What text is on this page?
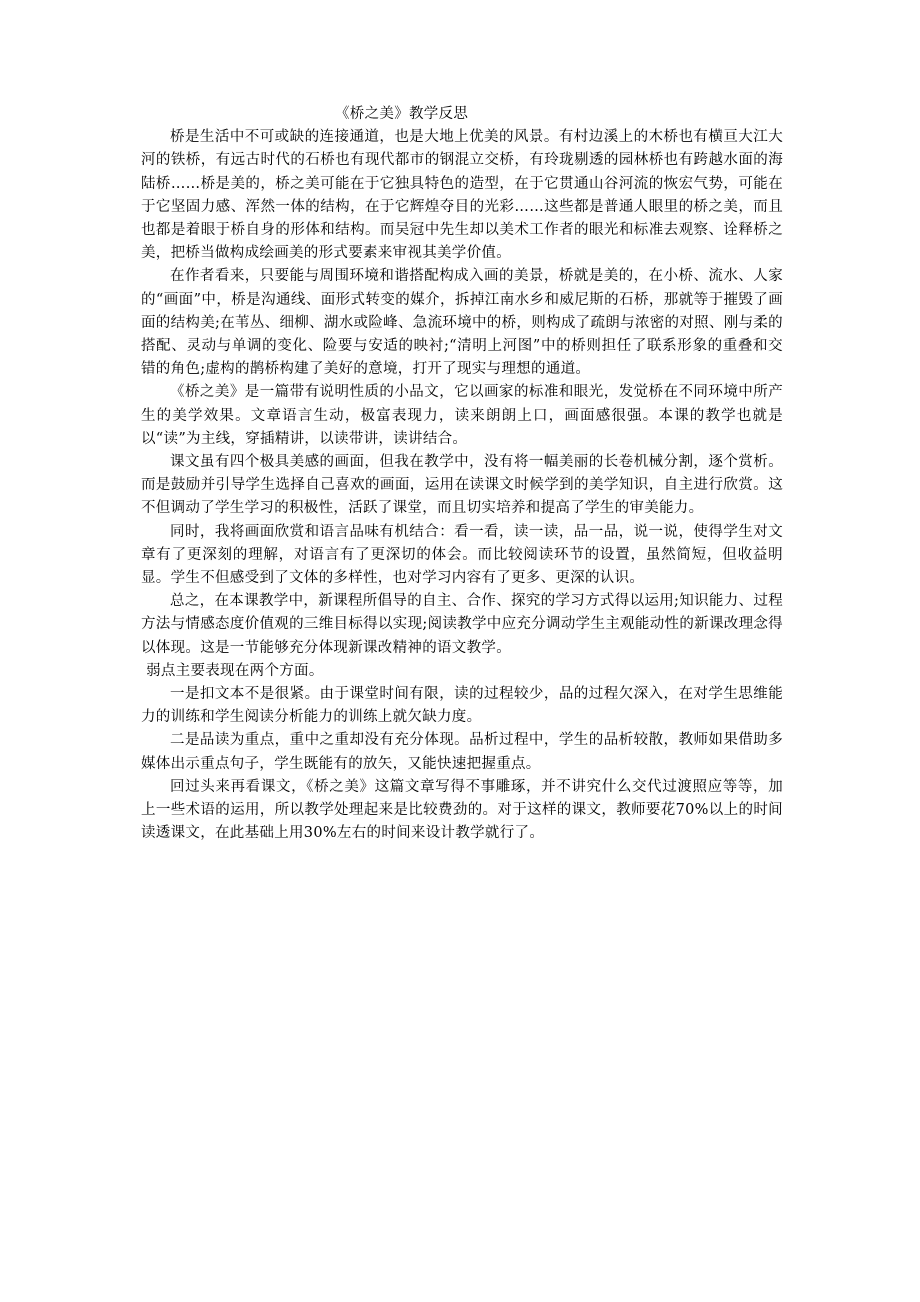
《桥之美》教学反思

桥是生活中不可或缺的连接通道，也是大地上优美的风景。有村边溪上的木桥也有横亘大江大河的铁桥，有远古时代的石桥也有现代都市的钢混立交桥，有玲珑剔透的园林桥也有跨越水面的海陆桥……桥是美的，桥之美可能在于它独具特色的造型，在于它贯通山谷河流的恢宏气势，可能在于它坚固力感、浑然一体的结构，在于它辉煌夺目的光彩……这些都是普通人眼里的桥之美，而且也都是着眼于桥自身的形体和结构。而吴冠中先生却以美术工作者的眼光和标准去观察、诠释桥之美，把桥当做构成绘画美的形式要素来审视其美学价值。

在作者看来，只要能与周围环境和谐搭配构成入画的美景，桥就是美的，在小桥、流水、人家的“画面”中，桥是沟通线、面形式转变的媒介，拆掉江南水乡和威尼斯的石桥，那就等于摧毁了画面的结构美;在苇丛、细柳、湖水或险峰、急流环境中的桥，则构成了疏朗与浓密的对照、刚与柔的搭配、灵动与单调的变化、险要与安适的映衬;“清明上河图”中的桥则担任了联系形象的重叠和交错的角色;虚构的鹊桥构建了美好的意境，打开了现实与理想的通道。

《桥之美》是一篇带有说明性质的小品文，它以画家的标准和眼光，发觉桥在不同环境中所产生的美学效果。文章语言生动，极富表现力，读来朗朗上口，画面感很强。本课的教学也就是以“读”为主线，穿插精讲，以读带讲，读讲结合。

课文虽有四个极具美感的画面，但我在教学中，没有将一幅美丽的长卷机械分割，逐个赏析。而是鼓励并引导学生选择自己喜欢的画面，运用在读课文时候学到的美学知识，自主进行欣赏。这不但调动了学生学习的积极性，活跃了课堂，而且切实培养和提高了学生的审美能力。

同时，我将画面欣赏和语言品味有机结合：看一看，读一读，品一品，说一说，使得学生对文章有了更深刻的理解，对语言有了更深切的体会。而比较阅读环节的设置，虽然简短，但收益明显。学生不但感受到了文体的多样性，也对学习内容有了更多、更深的认识。

总之，在本课教学中，新课程所倡导的自主、合作、探究的学习方式得以运用;知识能力、过程方法与情感态度价值观的三维目标得以实现;阅读教学中应充分调动学生主观能动性的新课改理念得以体现。这是一节能够充分体现新课改精神的语文教学。

弱点主要表现在两个方面。

一是扣文本不是很紧。由于课堂时间有限，读的过程较少，品的过程欠深入，在对学生思维能力的训练和学生阅读分析能力的训练上就欠缺力度。

二是品读为重点，重中之重却没有充分体现。品析过程中，学生的品析较散，教师如果借助多媒体出示重点句子，学生既能有的放矢，又能快速把握重点。

回过头来再看课文，《桥之美》这篇文章写得不事雕琢，并不讲究什么交代过渡照应等等，加上一些术语的运用，所以教学处理起来是比较费劲的。对于这样的课文，教师要花70%以上的时间读透课文，在此基础上用30%左右的时间来设计教学就行了。
